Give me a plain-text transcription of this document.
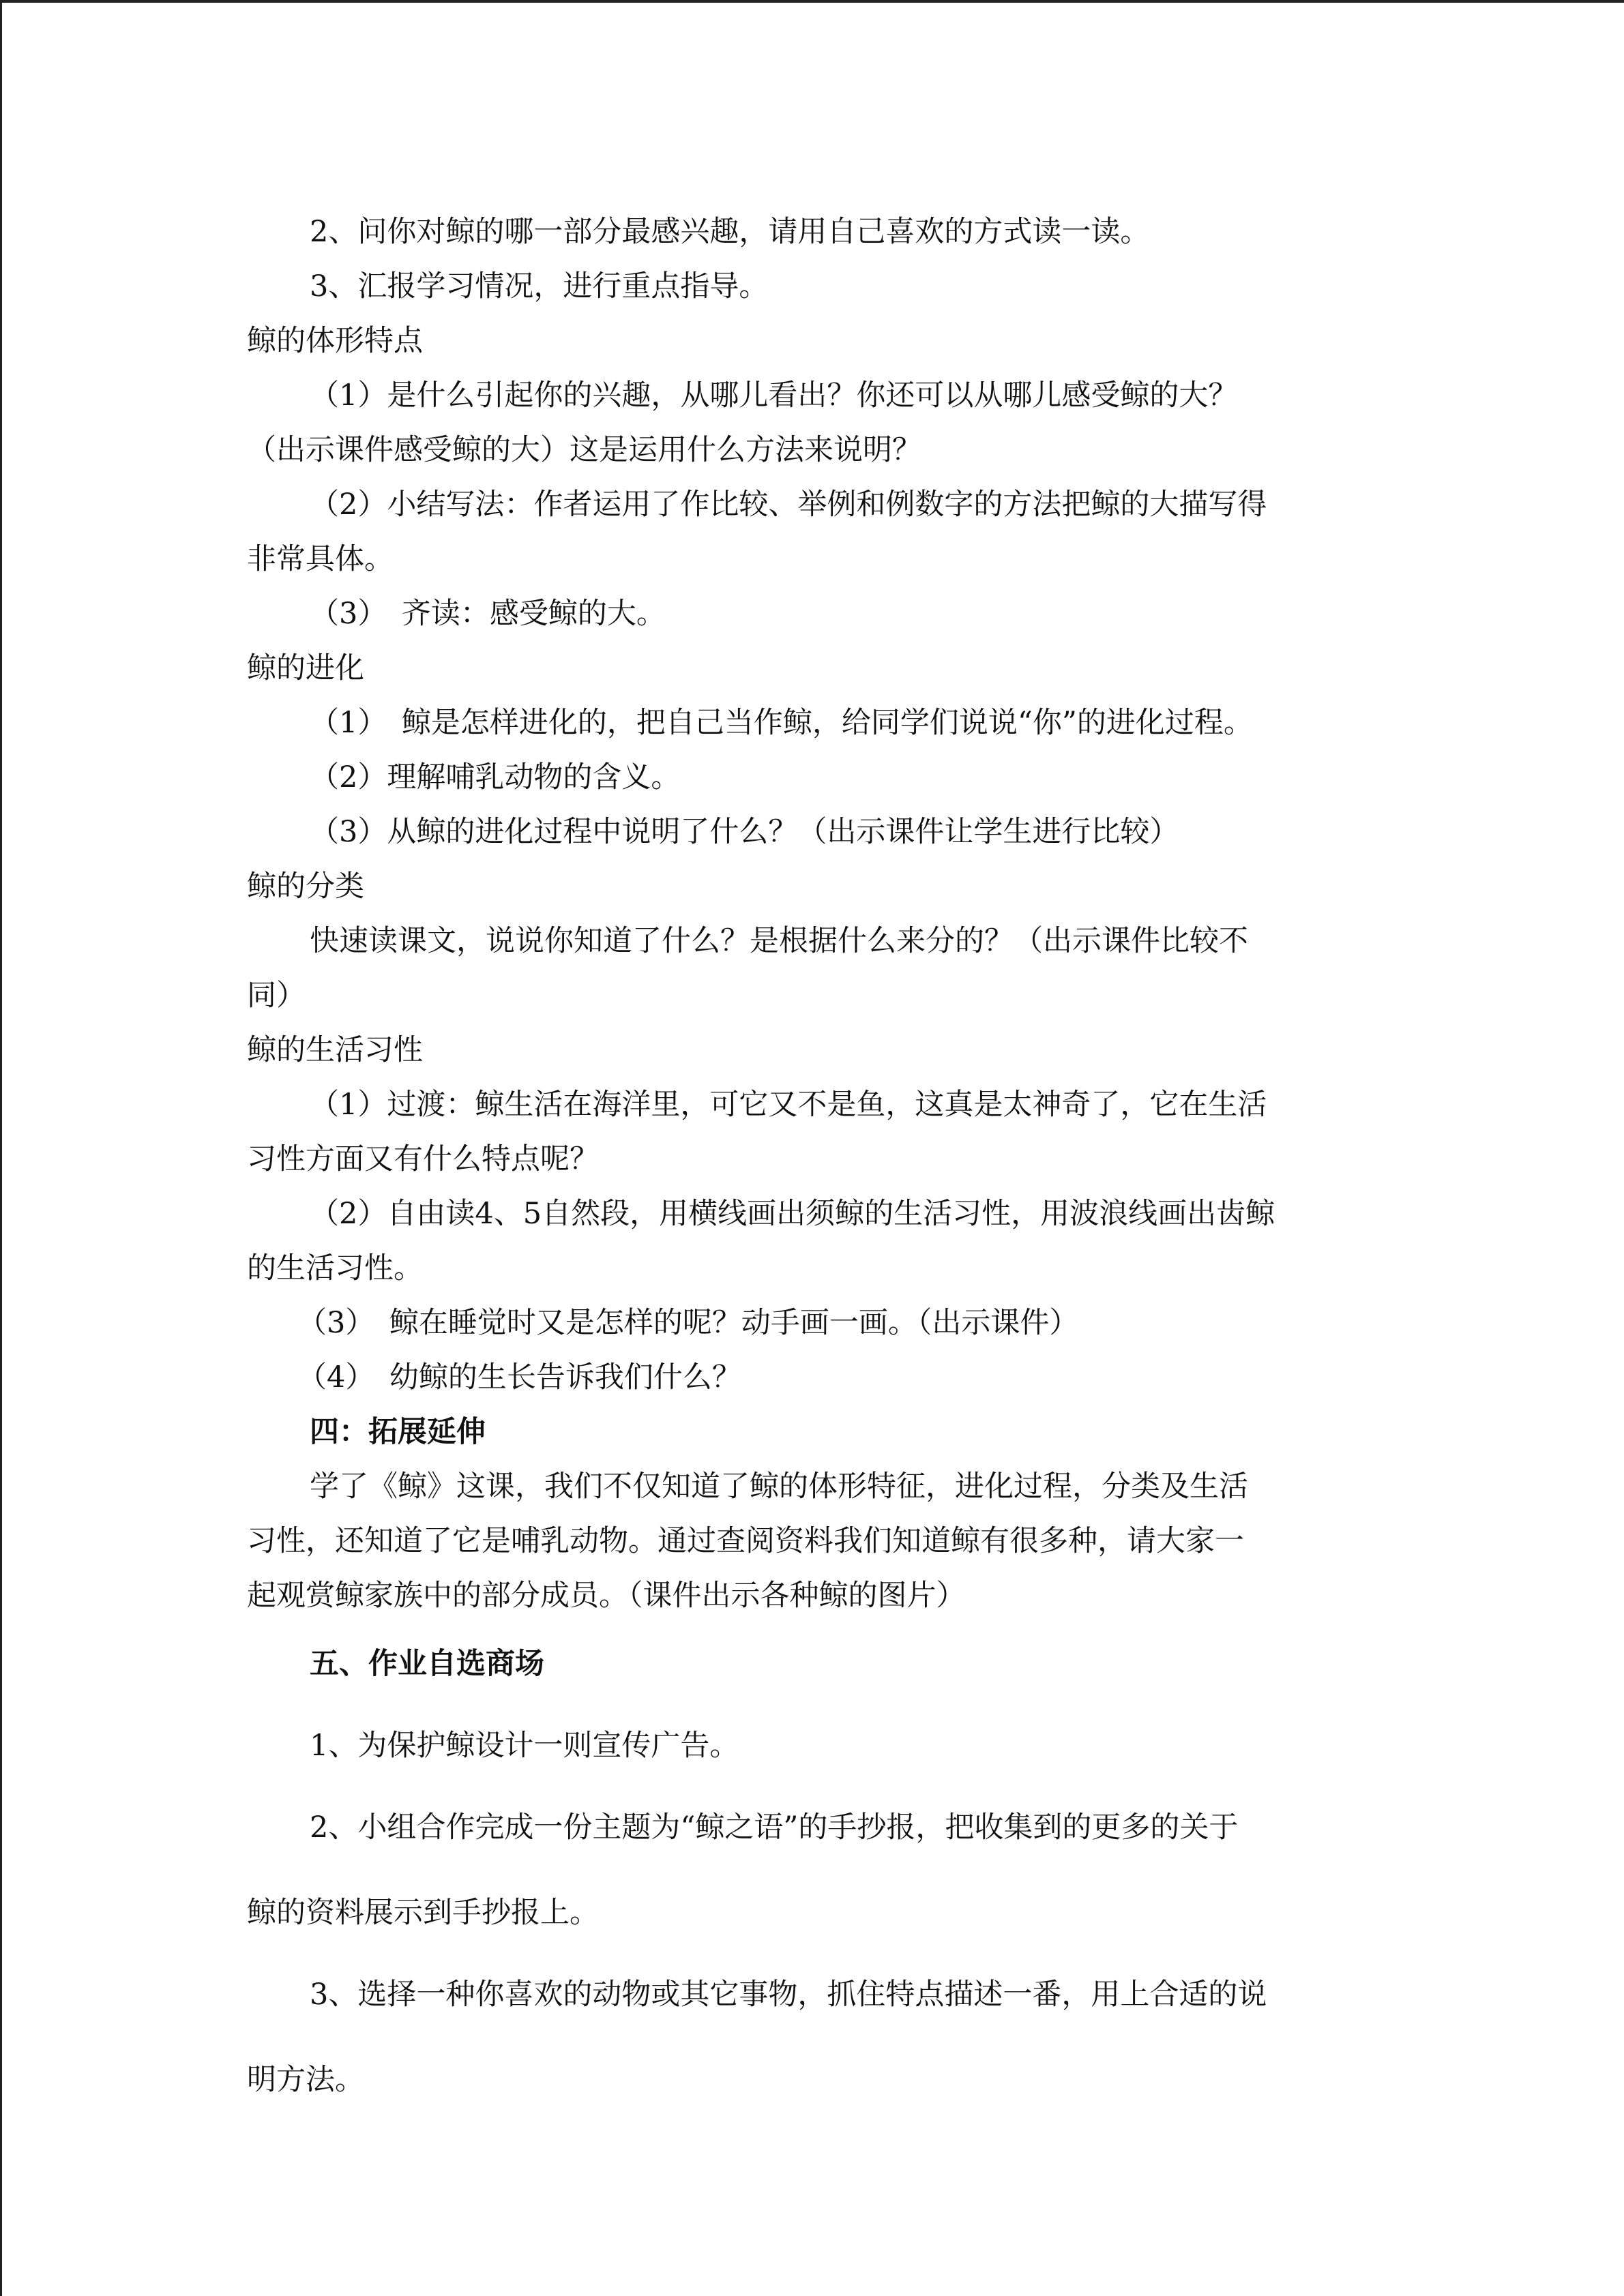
2、问你对鲸的哪一部分最感兴趣，请用自己喜欢的方式读一读。
3、汇报学习情况，进行重点指导。
鲸的体形特点
（1）是什么引起你的兴趣，从哪儿看出？你还可以从哪儿感受鲸的大？
（出示课件感受鲸的大）这是运用什么方法来说明？
（2）小结写法：作者运用了作比较、举例和例数字的方法把鲸的大描写得
非常具体。
（3）　齐读：感受鲸的大。
鲸的进化
（1）　鲸是怎样进化的，把自己当作鲸，给同学们说说“你”的进化过程。
（2）理解哺乳动物的含义。
（3）从鲸的进化过程中说明了什么？（出示课件让学生进行比较）
鲸的分类
快速读课文，说说你知道了什么？是根据什么来分的？（出示课件比较不
同）
鲸的生活习性
（1）过渡：鲸生活在海洋里，可它又不是鱼，这真是太神奇了，它在生活
习性方面又有什么特点呢？
（2）自由读4、5自然段，用横线画出须鲸的生活习性，用波浪线画出齿鲸
的生活习性。
（3）　鲸在睡觉时又是怎样的呢？动手画一画。（出示课件）
（4）　幼鲸的生长告诉我们什么？
四：拓展延伸
学了《鲸》这课，我们不仅知道了鲸的体形特征，进化过程，分类及生活
习性，还知道了它是哺乳动物。通过查阅资料我们知道鲸有很多种，请大家一
起观赏鲸家族中的部分成员。（课件出示各种鲸的图片）
五、作业自选商场
1、为保护鲸设计一则宣传广告。
2、小组合作完成一份主题为“鲸之语”的手抄报，把收集到的更多的关于
鲸的资料展示到手抄报上。
3、选择一种你喜欢的动物或其它事物，抓住特点描述一番，用上合适的说
明方法。
